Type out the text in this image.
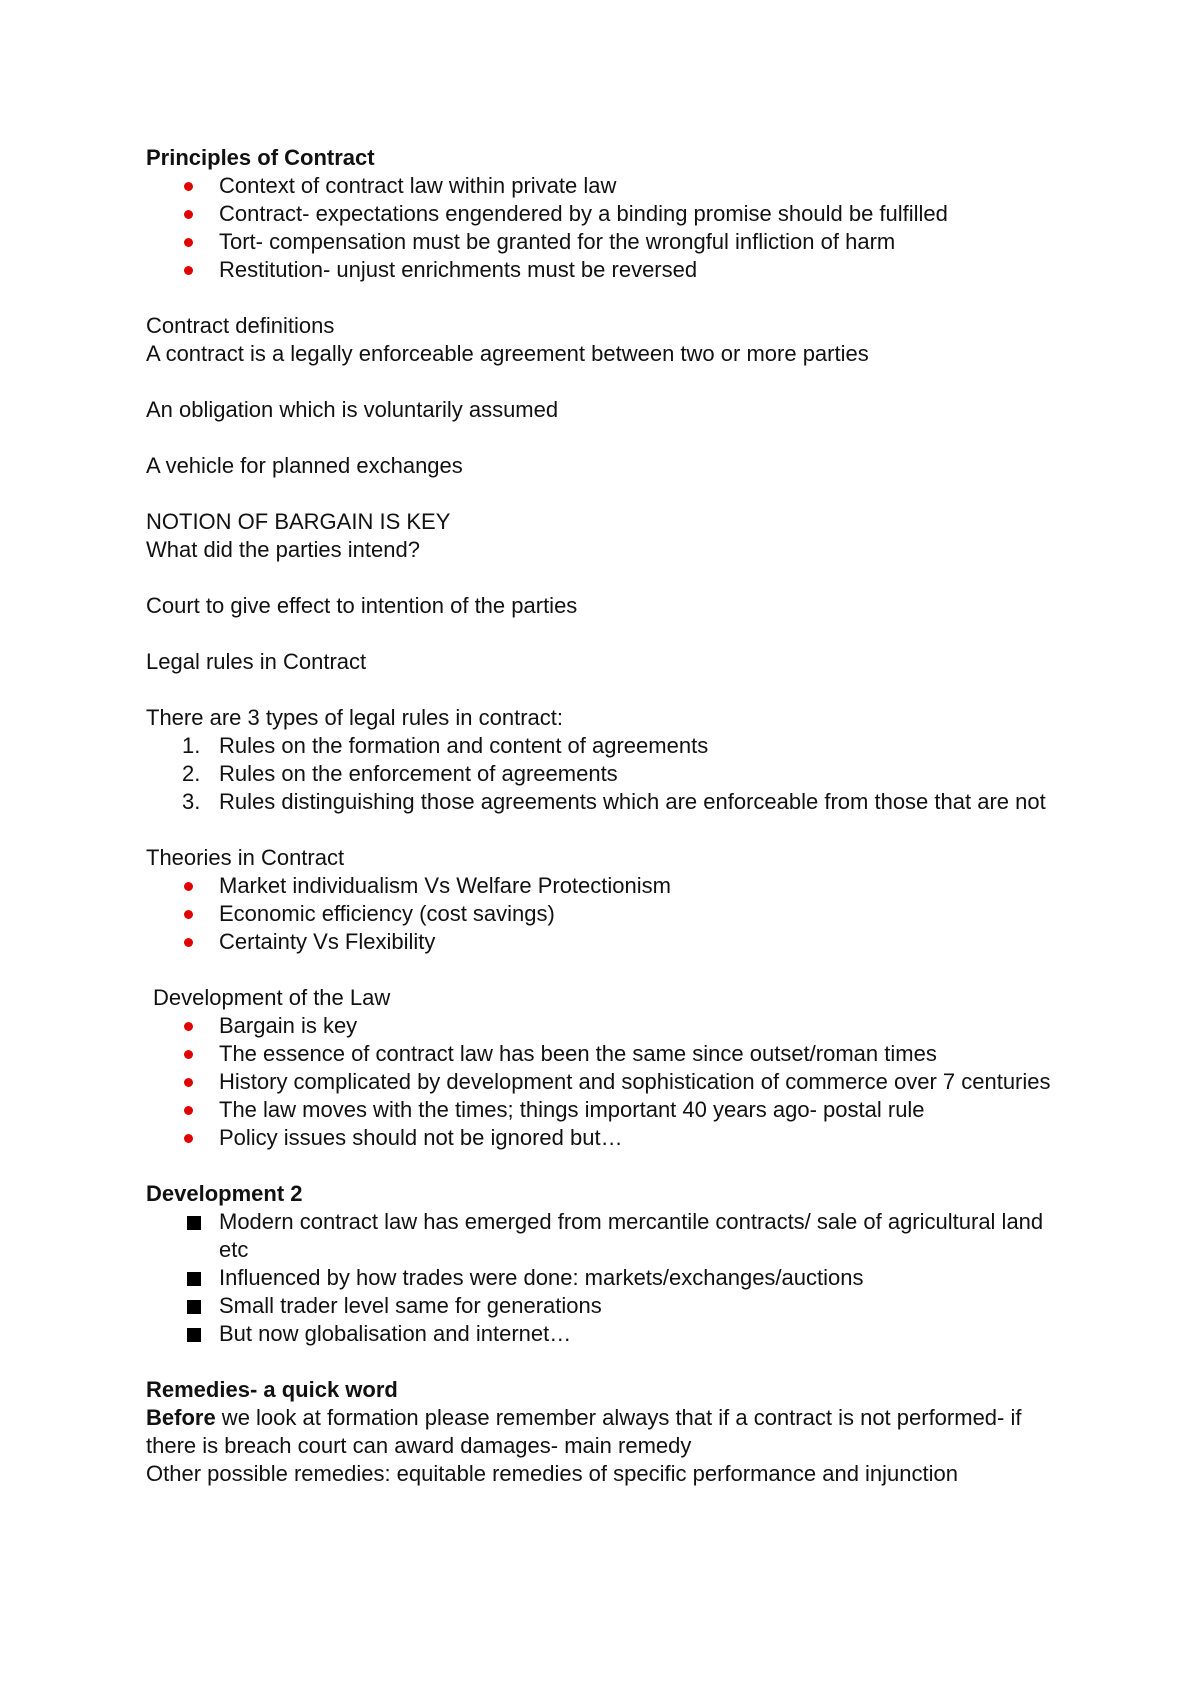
Principles of Contract

Context of contract law within private law
Contract- expectations engendered by a binding promise should be fulfilled
Tort- compensation must be granted for the wrongful infliction of harm
Restitution- unjust enrichments must be reversed

Contract definitions

A contract is a legally enforceable agreement between two or more parties

An obligation which is voluntarily assumed

A vehicle for planned exchanges

NOTION OF BARGAIN IS KEY

What did the parties intend?

Court to give effect to intention of the parties

Legal rules in Contract

There are 3 types of legal rules in contract:

1. Rules on the formation and content of agreements
2. Rules on the enforcement of agreements
3. Rules distinguishing those agreements which are enforceable from those that are not

Theories in Contract

Market individualism Vs Welfare Protectionism
Economic efficiency (cost savings)
Certainty Vs Flexibility

Development of the Law

Bargain is key
The essence of contract law has been the same since outset/roman times
History complicated by development and sophistication of commerce over 7 centuries
The law moves with the times; things important 40 years ago- postal rule
Policy issues should not be ignored but…

Development 2

Modern contract law has emerged from mercantile contracts/ sale of agricultural land etc
Influenced by how trades were done: markets/exchanges/auctions
Small trader level same for generations
But now globalisation and internet…

Remedies- a quick word

Before we look at formation please remember always that if a contract is not performed- if there is breach court can award damages- main remedy

Other possible remedies: equitable remedies of specific performance and injunction
